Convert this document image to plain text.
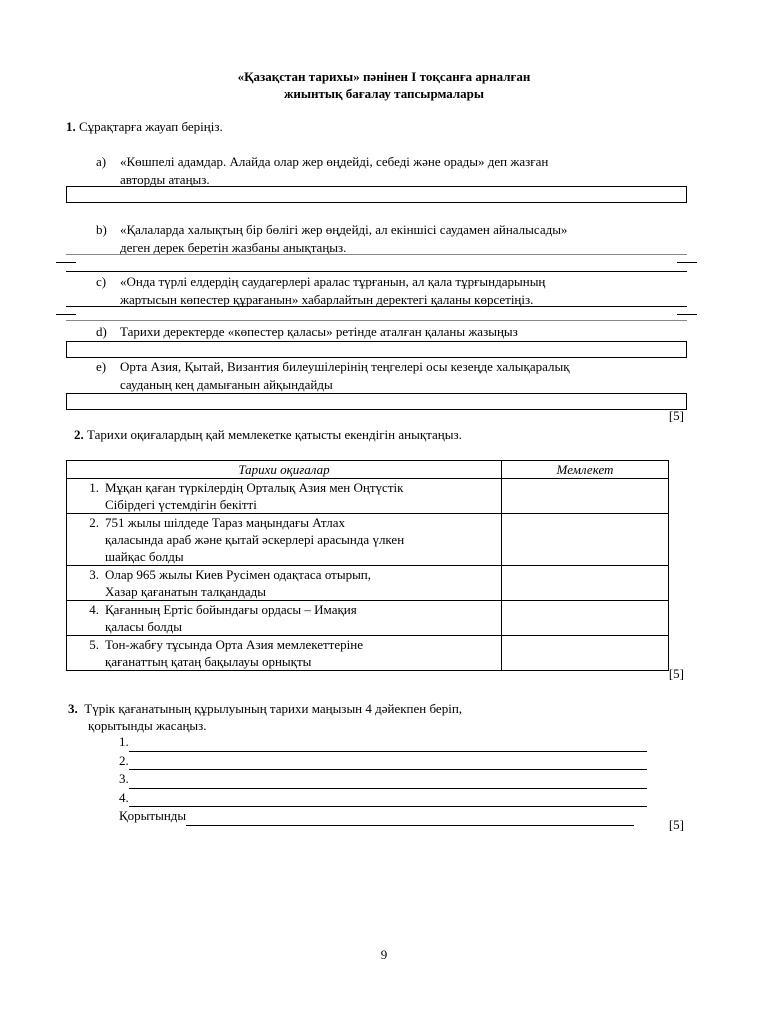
«Қазақстан тарихы» пәнінен І тоқсанға арналған
жиынтық бағалау тапсырмалары
1. Сұрақтарға жауап беріңіз.
a)	«Көшпелі адамдар. Алайда олар жер өңдейді, себеді және орады» деп жазған
авторды атаңыз.
b)	«Қалаларда халықтың бір бөлігі жер өңдейді, ал екіншісі саудамен айналысады»
деген дерек беретін жазбаны анықтаңыз.
c)	«Онда түрлі елдердің саудагерлері аралас тұрғанын, ал қала тұрғындарының
жартысын көпестер құрағанын» хабарлайтын деректегі қаланы көрсетіңіз.
d)	Тарихи деректерде «көпестер қаласы» ретінде аталған қаланы жазыңыз
e)	Орта Азия, Қытай, Византия билеушілерінің теңгелері осы кезеңде халықаралық
сауданың кең дамығанын айқындайды
[5]
2. Тарихи оқиғалардың қай мемлекетке қатысты екендігін анықтаңыз.
Тарихи оқиғалар	Мемлекет

1. Мұқан қаған түркілердің Орталық Азия мен Оңтүстік
Сібірдегі үстемдігін бекітті	

2. 751 жылы шілдеде Тараз маңындағы Атлах
қаласында араб және қытай әскерлері арасында үлкен
шайқас болды	

3. Олар 965 жылы Киев Русімен одақтаса отырып,
Хазар қағанатын талқандады	

4. Қағанның Ертіс бойындағы ордасы – Имақия
қаласы болды	

5. Тон-жабғу тұсында Орта Азия мемлекеттеріне
қағанаттың қатаң бақылауы орнықты	

[5]
3. Түрік қағанатының құрылуының тарихи маңызын 4 дәйекпен беріп,
қорытынды жасаңыз.
1.
2.
3.
4.
Қорытынды
[5]
9
